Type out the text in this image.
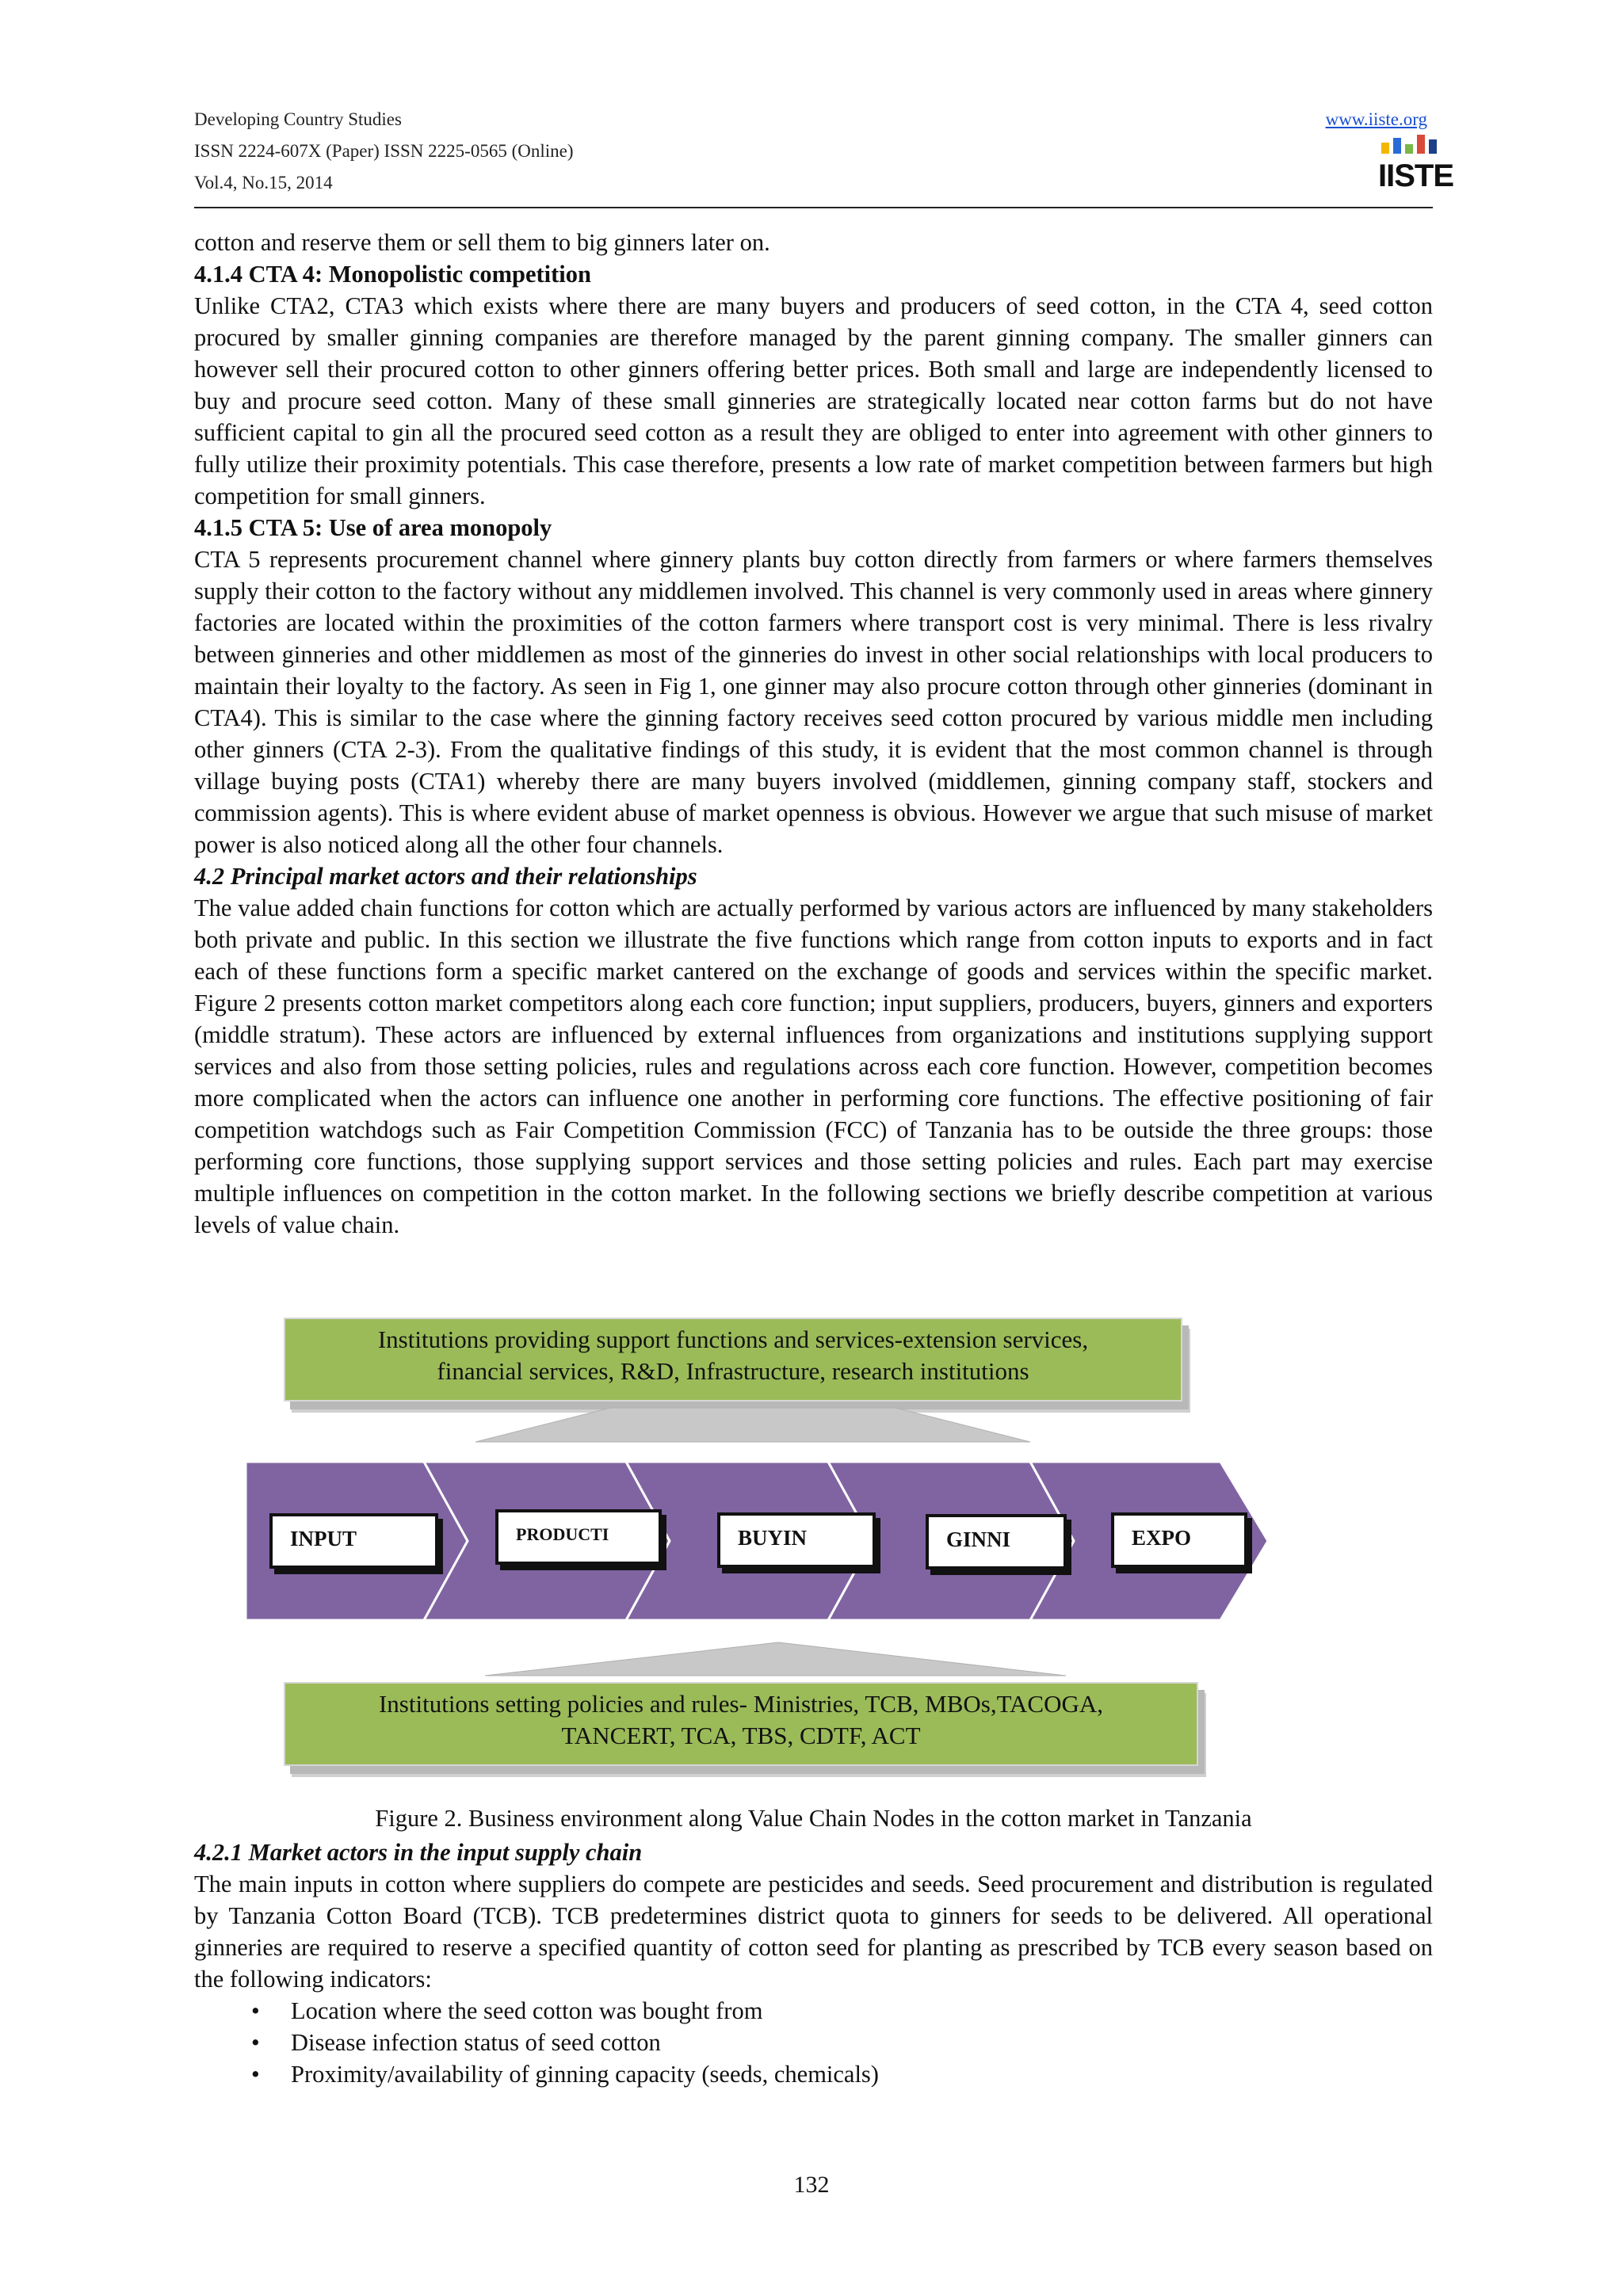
Developing Country Studies
ISSN 2224-607X (Paper) ISSN 2225-0565 (Online)
Vol.4, No.15, 2014
www.iiste.org
IISTE

cotton and reserve them or sell them to big ginners later on.

4.1.4 CTA 4: Monopolistic competition

Unlike CTA2, CTA3 which exists where there are many buyers and producers of seed cotton, in the CTA 4, seed cotton procured by smaller ginning companies are therefore managed by the parent ginning company. The smaller ginners can however sell their procured cotton to other ginners offering better prices. Both small and large are independently licensed to buy and procure seed cotton. Many of these small ginneries are strategically located near cotton farms but do not have sufficient capital to gin all the procured seed cotton as a result they are obliged to enter into agreement with other ginners to fully utilize their proximity potentials. This case therefore, presents a low rate of market competition between farmers but high competition for small ginners.

4.1.5 CTA 5: Use of area monopoly

CTA 5 represents procurement channel where ginnery plants buy cotton directly from farmers or where farmers themselves supply their cotton to the factory without any middlemen involved. This channel is very commonly used in areas where ginnery factories are located within the proximities of the cotton farmers where transport cost is very minimal. There is less rivalry between ginneries and other middlemen as most of the ginneries do invest in other social relationships with local producers to maintain their loyalty to the factory. As seen in Fig 1, one ginner may also procure cotton through other ginneries (dominant in CTA4). This is similar to the case where the ginning factory receives seed cotton procured by various middle men including other ginners (CTA 2-3). From the qualitative findings of this study, it is evident that the most common channel is through village buying posts (CTA1) whereby there are many buyers involved (middlemen, ginning company staff, stockers and commission agents). This is where evident abuse of market openness is obvious. However we argue that such misuse of market power is also noticed along all the other four channels.

4.2 Principal market actors and their relationships

The value added chain functions for cotton which are actually performed by various actors are influenced by many stakeholders both private and public. In this section we illustrate the five functions which range from cotton inputs to exports and in fact each of these functions form a specific market cantered on the exchange of goods and services within the specific market. Figure 2 presents cotton market competitors along each core function; input suppliers, producers, buyers, ginners and exporters (middle stratum). These actors are influenced by external influences from organizations and institutions supplying support services and also from those setting policies, rules and regulations across each core function. However, competition becomes more complicated when the actors can influence one another in performing core functions. The effective positioning of fair competition watchdogs such as Fair Competition Commission (FCC) of Tanzania has to be outside the three groups: those performing core functions, those supplying support services and those setting policies and rules. Each part may exercise multiple influences on competition in the cotton market. In the following sections we briefly describe competition at various levels of value chain.

Institutions providing support functions and services-extension services,
financial services, R&D, Infrastructure, research institutions
INPUT	PRODUCTI	BUYIN	GINNI	EXPO
Institutions setting policies and rules- Ministries, TCB, MBOs,TACOGA,
TANCERT, TCA, TBS, CDTF, ACT
Figure 2. Business environment along Value Chain Nodes in the cotton market in Tanzania

4.2.1 Market actors in the input supply chain

The main inputs in cotton where suppliers do compete are pesticides and seeds. Seed procurement and distribution is regulated by Tanzania Cotton Board (TCB). TCB predetermines district quota to ginners for seeds to be delivered. All operational ginneries are required to reserve a specified quantity of cotton seed for planting as prescribed by TCB every season based on the following indicators:

• Location where the seed cotton was bought from
• Disease infection status of seed cotton
• Proximity/availability of ginning capacity (seeds, chemicals)
132
